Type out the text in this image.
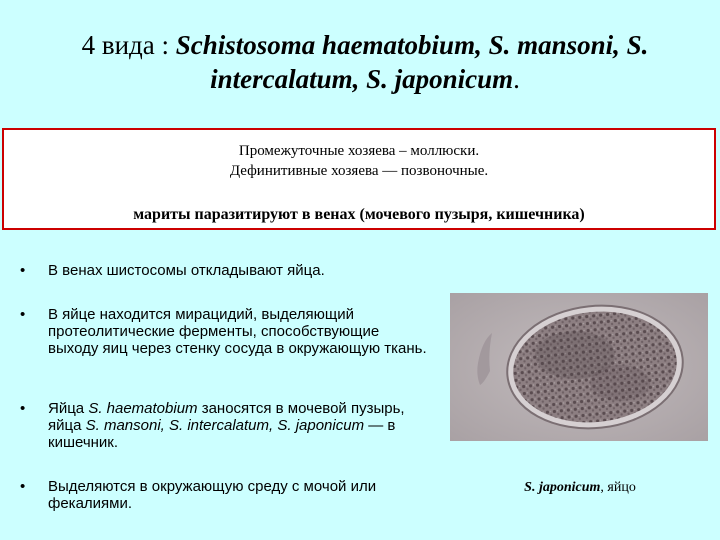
4 вида : Schistosoma haematobium, S. mansoni, S.
intercalatum, S. japonicum.
Промежуточные хозяева – моллюски.
Дефинитивные хозяева — позвоночные.
мариты паразитируют в венах (мочевого пузыря, кишечника)
• В венах шистосомы откладывают яйца.
• В яйце находится мирацидий, выделяющий протеолитические ферменты, способствующие выходу яиц через стенку сосуда в окружающую ткань.
• Яйца S. haematobium заносятся в мочевой пузырь, яйца S. mansoni, S. intercalatum, S. japonicum — в кишечник.
• Выделяются в окружающую среду с мочой или фекалиями.
S. japonicum, яйцо
